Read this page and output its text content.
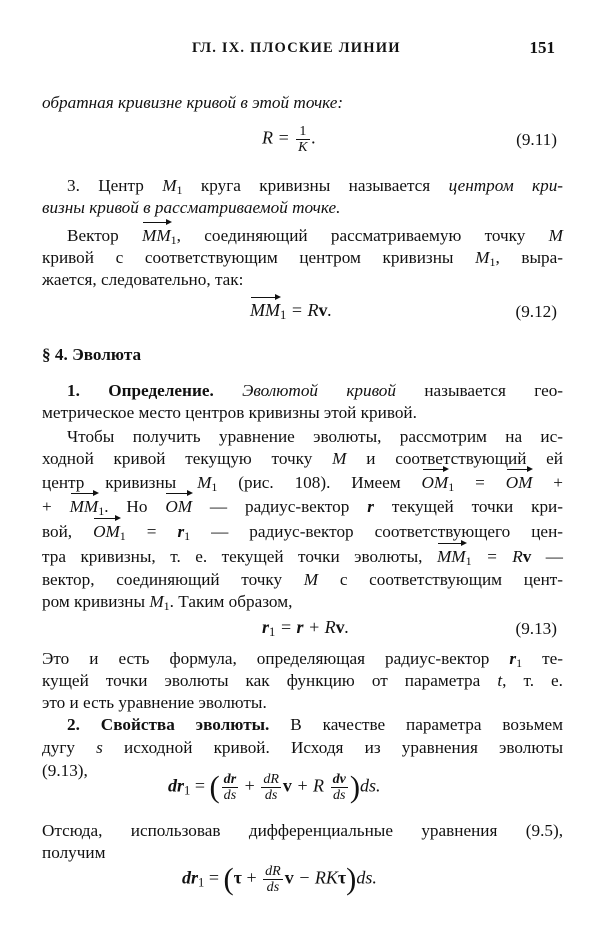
ГЛ. IX. ПЛОСКИЕ ЛИНИИ	151
обратная кривизне кривой в этой точке:
$R = \frac{1}{K}$ .	(9.11)
3. Центр $M_1$ круга кривизны называется центром кри-
визны кривой в рассматриваемой точке.
Вектор $MM_1$, соединяющий рассматриваемую точку M
кривой с соответствующим центром кривизны $M_1$, выра-
жается, следовательно, так:
$MM_1 = Rv$.	(9.12)
§ 4. Эволюта
1. Определение. Эволютой кривой называется гео-
метрическое место центров кривизны этой кривой.
Чтобы получить уравнение эволюты, рассмотрим на ис-
ходной кривой текущую точку M и соответствующий ей
центр кривизны $M_1$ (рис. 108). Имеем $OM_1$ = OM +
+ $MM_1$. Но OM — радиус-вектор r текущей точки кри-
вой, $OM_1 = r_1$ — радиус-вектор соответствующего цен-
тра кривизны, т. е. текущей точки эволюты, $MM_1 = Rv$ —
вектор, соединяющий точку M с соответствующим цент-
ром кривизны $M_1$. Таким образом,
$r_1 = r + Rv$.	(9.13)
Это и есть формула, определяющая радиус-вектор $r_1$ те-
кущей точки эволюты как функцию от параметра t, т. е.
это и есть уравнение эволюты.
2. Свойства эволюты. В качестве параметра возьмем
дугу s исходной кривой. Исходя из уравнения эволюты
(9.13),
$dr_1$ = ( $\frac{dr}{ds} + \frac{dR}{ds}$ v + R $\frac{dv}{ds} )ds$.
Отсюда, использовав дифференциальные уравнения (9.5),
получим
$dr_1 = (\tau + \frac{dR}{ds}$ v − RKτ)ds.
